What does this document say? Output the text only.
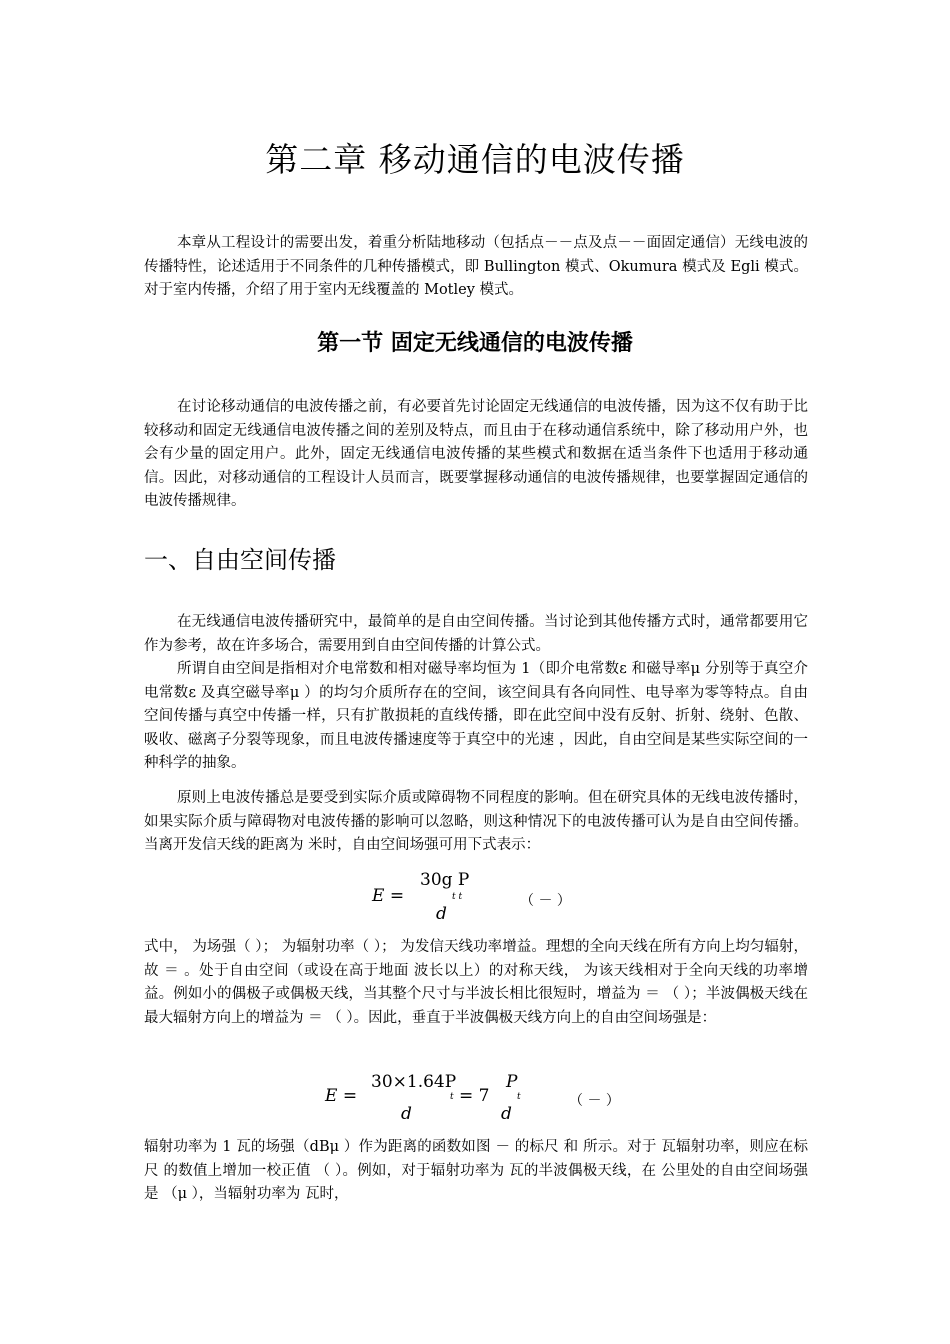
第二章 移动通信的电波传播

本章从工程设计的需要出发，着重分析陆地移动（包括点－－点及点－－面固定通信）无线电波的传播特性，论述适用于不同条件的几种传播模式，即 Bullington 模式、Okumura 模式及 Egli 模式。对于室内传播，介绍了用于室内无线覆盖的 Motley 模式。

第一节 固定无线通信的电波传播

在讨论移动通信的电波传播之前，有必要首先讨论固定无线通信的电波传播，因为这不仅有助于比较移动和固定无线通信电波传播之间的差别及特点，而且由于在移动通信系统中，除了移动用户外，也会有少量的固定用户。此外，固定无线通信电波传播的某些模式和数据在适当条件下也适用于移动通信。因此，对移动通信的工程设计人员而言，既要掌握移动通信的电波传播规律，也要掌握固定通信的电波传播规律。

一、自由空间传播

在无线通信电波传播研究中，最简单的是自由空间传播。当讨论到其他传播方式时，通常都要用它作为参考，故在许多场合，需要用到自由空间传播的计算公式。

所谓自由空间是指相对介电常数和相对磁导率均恒为 1（即介电常数ε 和磁导率μ 分别等于真空介电常数ε 及真空磁导率μ ）的均匀介质所存在的空间，该空间具有各向同性、电导率为零等特点。自由空间传播与真空中传播一样，只有扩散损耗的直线传播，即在此空间中没有反射、折射、绕射、色散、吸收、磁离子分裂等现象，而且电波传播速度等于真空中的光速 ，因此，自由空间是某些实际空间的一种科学的抽象。

原则上电波传播总是要受到实际介质或障碍物不同程度的影响。但在研究具体的无线电波传播时，如果实际介质与障碍物对电波传播的影响可以忽略，则这种情况下的电波传播可认为是自由空间传播。当离开发信天线的距离为 米时，自由空间场强可用下式表示：

E =
30g P
t t
d
（ － ）

式中， 为场强（ ）； 为辐射功率（ ）； 为发信天线功率增益。理想的全向天线在所有方向上均匀辐射，故 ＝ 。处于自由空间（或设在高于地面 波长以上）的对称天线， 为该天线相对于全向天线的功率增益。例如小的偶极子或偶极天线，当其整个尺寸与半波长相比很短时，增益为 ＝ （ ）；半波偶极天线在最大辐射方向上的增益为 ＝ （ ）。因此，垂直于半波偶极天线方向上的自由空间场强是：

E =
30×1.64P
t = 7
P
t
d	d
（ － ）

辐射功率为 1 瓦的场强（dBμ ）作为距离的函数如图 － 的标尺 和 所示。对于 瓦辐射功率，则应在标尺 的数值上增加一校正值 （ ）。例如，对于辐射功率为 瓦的半波偶极天线，在 公里处的自由空间场强是 （μ ），当辐射功率为 瓦时，
